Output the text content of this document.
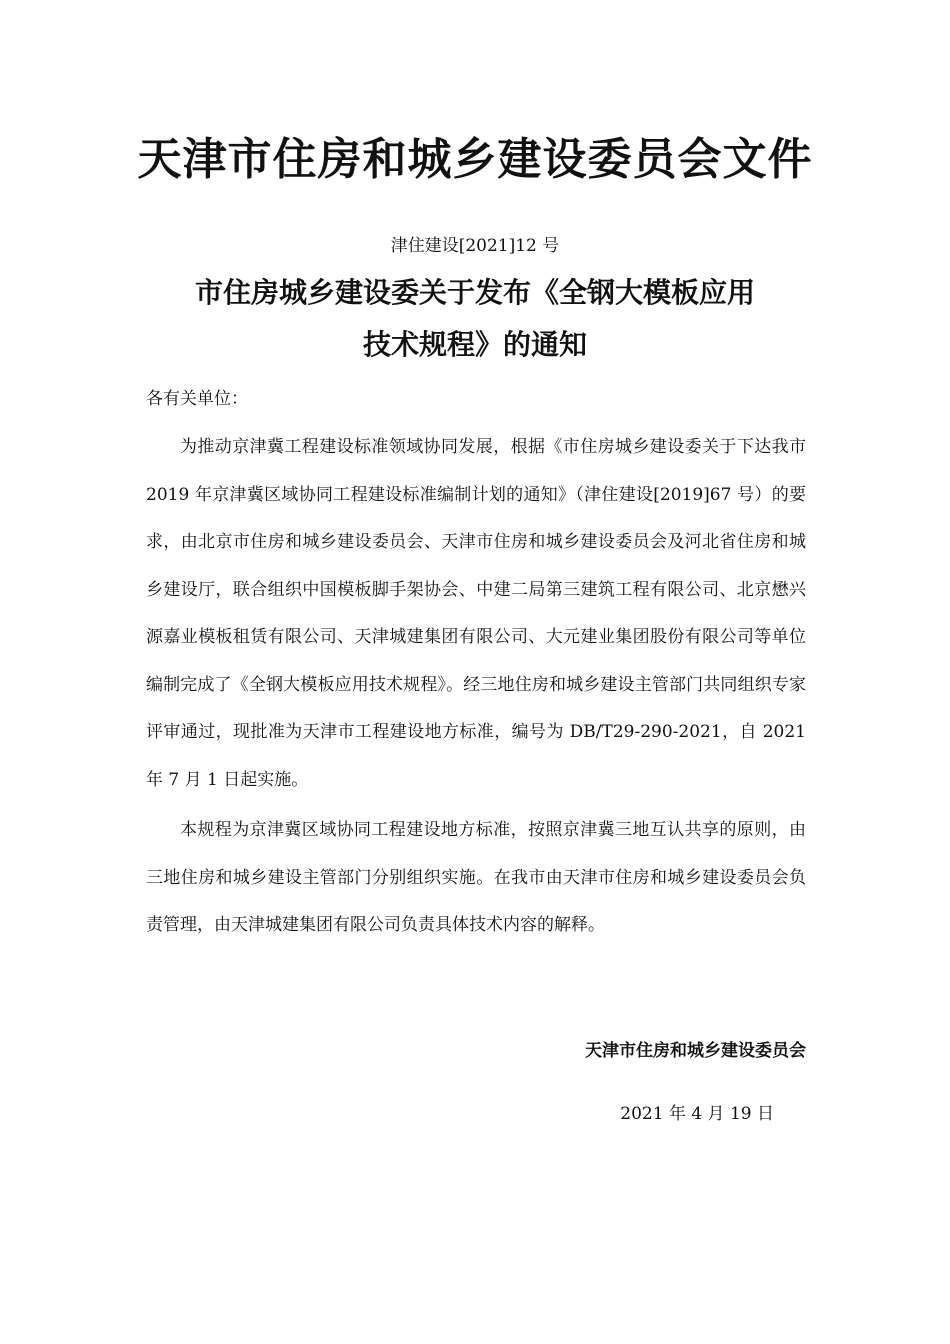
天津市住房和城乡建设委员会文件
津住建设[2021]12 号
市住房城乡建设委关于发布《全钢大模板应用
技术规程》的通知

各有关单位：

为推动京津冀工程建设标准领域协同发展，根据《市住房城乡建设委关于下达我市 2019 年京津冀区域协同工程建设标准编制计划的通知》（津住建设[2019]67 号）的要求，由北京市住房和城乡建设委员会、天津市住房和城乡建设委员会及河北省住房和城乡建设厅，联合组织中国模板脚手架协会、中建二局第三建筑工程有限公司、北京懋兴源嘉业模板租赁有限公司、天津城建集团有限公司、大元建业集团股份有限公司等单位编制完成了《全钢大模板应用技术规程》。经三地住房和城乡建设主管部门共同组织专家评审通过，现批准为天津市工程建设地方标准，编号为 DB/T29-290-2021，自 2021 年 7 月 1 日起实施。

本规程为京津冀区域协同工程建设地方标准，按照京津冀三地互认共享的原则，由三地住房和城乡建设主管部门分别组织实施。在我市由天津市住房和城乡建设委员会负责管理，由天津城建集团有限公司负责具体技术内容的解释。

天津市住房和城乡建设委员会
2021 年 4 月 19 日
